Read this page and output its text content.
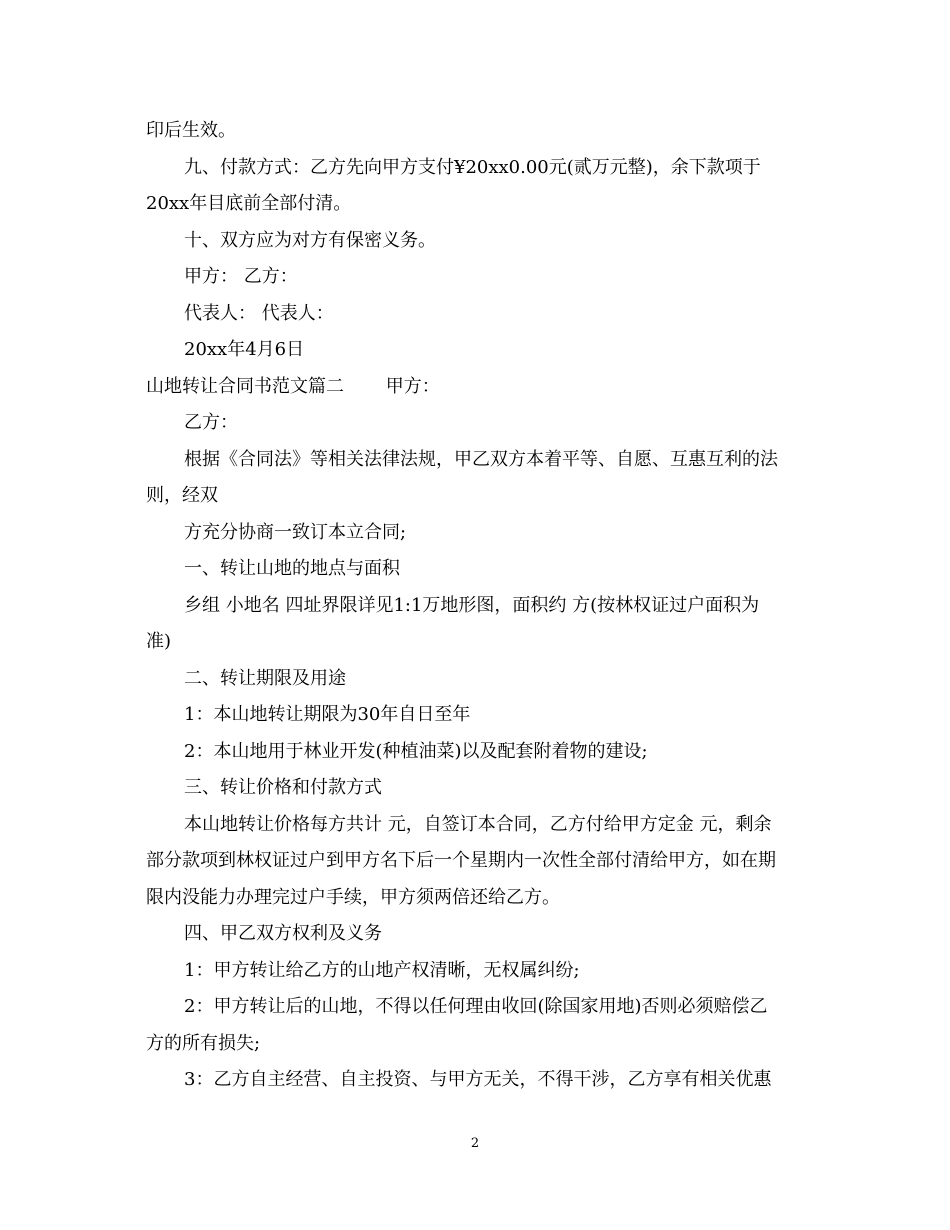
印后生效。
九、付款方式：乙方先向甲方支付¥20xx0.00元(贰万元整)，余下款项于
20xx年目底前全部付清。
十、双方应为对方有保密义务。
甲方： 乙方：
代表人： 代表人：
20xx年4月6日
山地转让合同书范文篇二　　 甲方：
乙方：
根据《合同法》等相关法律法规，甲乙双方本着平等、自愿、互惠互利的法
则，经双
方充分协商一致订本立合同;
一、转让山地的地点与面积
乡组 小地名 四址界限详见1:1万地形图，面积约 方(按林权证过户面积为
准)
二、转让期限及用途
1：本山地转让期限为30年自日至年
2：本山地用于林业开发(种植油菜)以及配套附着物的建设;
三、转让价格和付款方式
本山地转让价格每方共计 元，自签订本合同，乙方付给甲方定金 元，剩余
部分款项到林权证过户到甲方名下后一个星期内一次性全部付清给甲方，如在期
限内没能力办理完过户手续，甲方须两倍还给乙方。
四、甲乙双方权利及义务
1：甲方转让给乙方的山地产权清晰，无权属纠纷;
2：甲方转让后的山地，不得以任何理由收回(除国家用地)否则必须赔偿乙
方的所有损失;
3：乙方自主经营、自主投资、与甲方无关，不得干涉，乙方享有相关优惠
2
